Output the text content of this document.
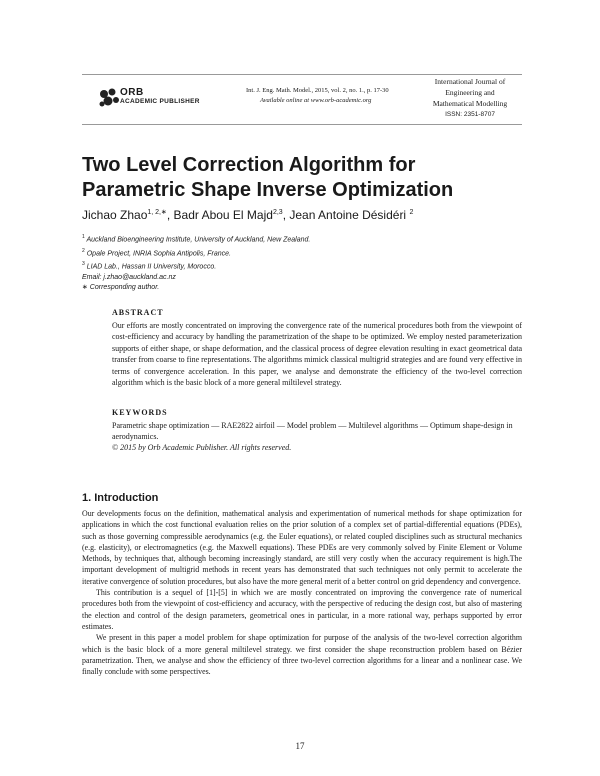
ORB
ACADEMIC PUBLISHER
Int. J. Eng. Math. Model., 2015, vol. 2, no. 1., p. 17-30
Available online at www.orb-academic.org
International Journal of
Engineering and
Mathematical Modelling
ISSN: 2351-8707
Two Level Correction Algorithm for Parametric Shape Inverse Optimization
Jichao Zhao$^{1, 2,∗}$, Badr Abou El Majd$^{2,3}$, Jean Antoine Désidéri $^2$
$^1$ Auckland Bioengineering Institute, University of Auckland, New Zealand.
$^2$ Opale Project, INRIA Sophia Antipolis, France.
$^3$ LIAD Lab., Hassan II University, Morocco.
Email: j.zhao@auckland.ac.nz
∗ Corresponding author.
ABSTRACT
Our efforts are mostly concentrated on improving the convergence rate of the numerical procedures both from the viewpoint of cost-efficiency and accuracy by handling the parametrization of the shape to be optimized. We employ nested parameterization supports of either shape, or shape deformation, and the classical process of degree elevation resulting in exact geometrical data transfer from coarse to fine representations. The algorithms mimick classical multigrid strategies and are found very effective in terms of convergence acceleration. In this paper, we analyse and demonstrate the efficiency of the two-level correction algorithm which is the basic block of a more general miltilevel strategy.
KEYWORDS
Parametric shape optimization — RAE2822 airfoil — Model problem — Multilevel algorithms — Optimum shape-design in aerodynamics.
© 2015 by Orb Academic Publisher. All rights reserved.
1. Introduction

Our developments focus on the definition, mathematical analysis and experimentation of numerical methods for shape optimization for applications in which the cost functional evaluation relies on the prior solution of a complex set of partial-differential equations (PDEs), such as those governing compressible aerodynamics (e.g. the Euler equations), or related coupled disciplines such as structural mechanics (e.g. elasticity), or electromagnetics (e.g. the Maxwell equations). These PDEs are very commonly solved by Finite Element or Volume Methods, by techniques that, although becoming increasingly standard, are still very costly when the accuracy requirement is high.The important development of multigrid methods in recent years has demonstrated that such techniques not only permit to accelerate the iterative convergence of solution procedures, but also have the more general merit of a better control on grid dependency and convergence.

This contribution is a sequel of [1]-[5] in which we are mostly concentrated on improving the convergence rate of numerical procedures both from the viewpoint of cost-efficiency and accuracy, with the perspective of reducing the design cost, but also of mastering the election and control of the design parameters, geometrical ones in particular, in a more rational way, perhaps supported by error estimates.

We present in this paper a model problem for shape optimization for purpose of the analysis of the two-level correction algorithm which is the basic block of a more general miltilevel strategy. we first consider the shape reconstruction problem based on Bézier parametrization. Then, we analyse and show the efficiency of three two-level correction algorithms for a linear and a nonlinear case. We finally conclude with some perspectives.

17
